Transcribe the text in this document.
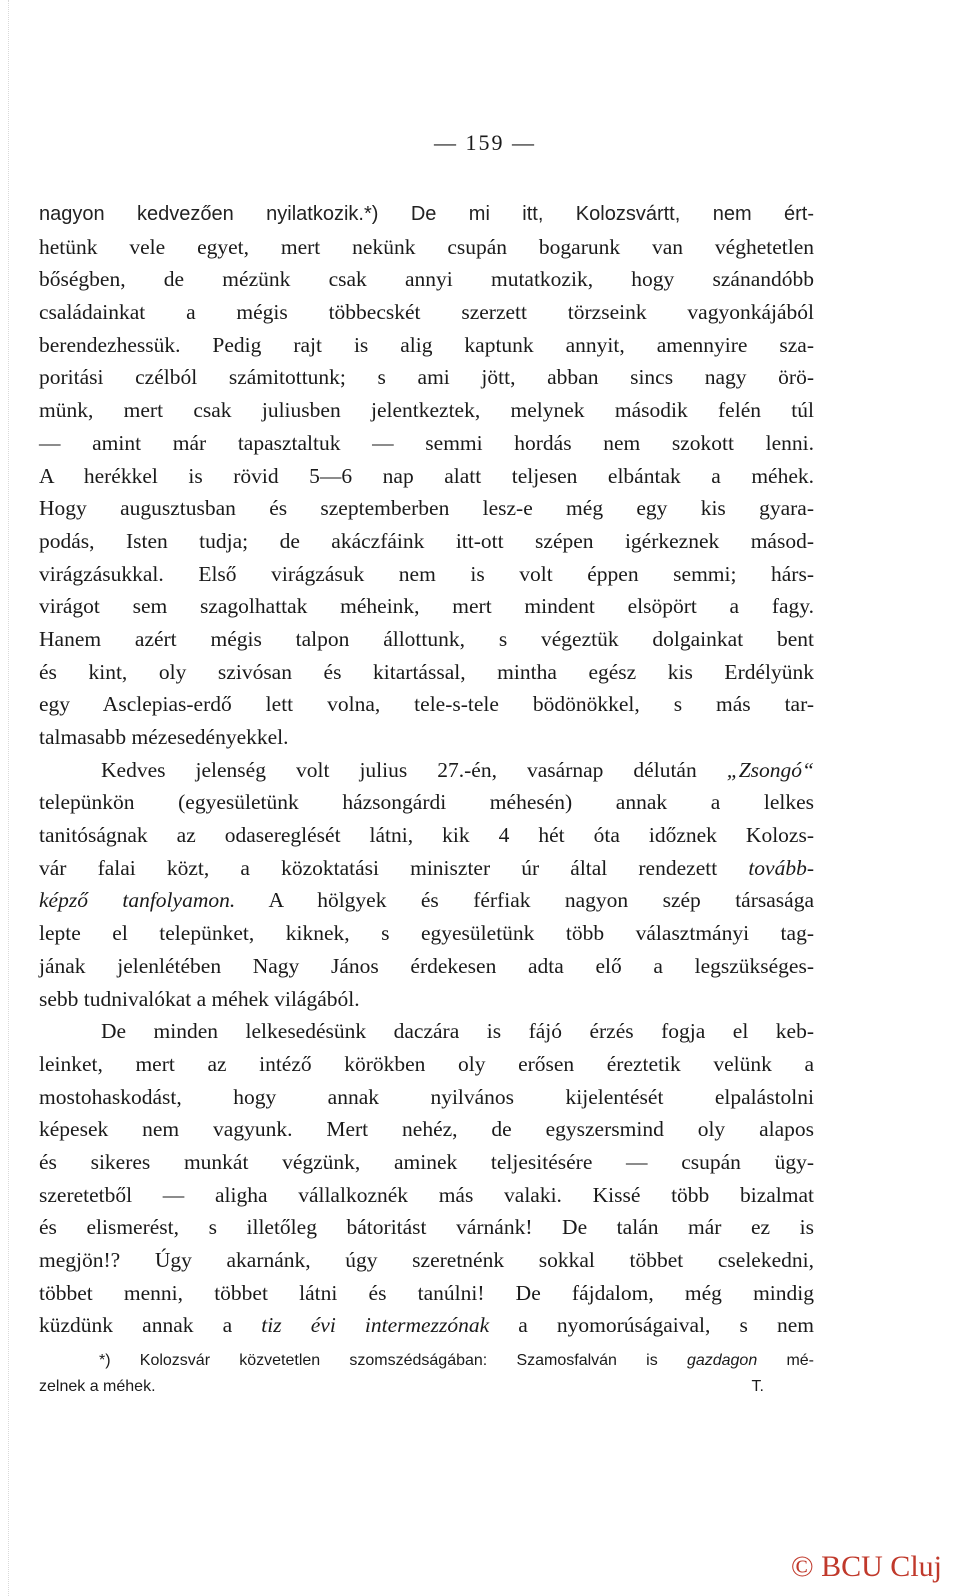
— 159 —
nagyon kedvezően nyilatkozik.*) De mi itt, Kolozsvártt, nem ért-
hetünk vele egyet, mert nekünk csupán bogarunk van véghetetlen
bőségben, de mézünk csak annyi mutatkozik, hogy szánandóbb
családainkat a mégis többecskét szerzett törzseink vagyonkájából
berendezhessük. Pedig rajt is alig kaptunk annyit, amennyire sza-
poritási czélból számitottunk; s ami jött, abban sincs nagy örö-
münk, mert csak juliusben jelentkeztek, melynek második felén túl
— amint már tapasztaltuk — semmi hordás nem szokott lenni.
A herékkel is rövid 5—6 nap alatt teljesen elbántak a méhek.
Hogy augusztusban és szeptemberben lesz-e még egy kis gyara-
podás, Isten tudja; de akáczfáink itt-ott szépen igérkeznek másod-
virágzásukkal. Első virágzásuk nem is volt éppen semmi; hárs-
virágot sem szagolhattak méheink, mert mindent elsöpört a fagy.
Hanem azért mégis talpon állottunk, s végeztük dolgainkat bent
és kint, oly szivósan és kitartással, mintha egész kis Erdélyünk
egy Asclepias-erdő lett volna, tele-s-tele bödönökkel, s más tar-
talmasabb mézesedényekkel.
Kedves jelenség volt julius 27.-én, vasárnap délután „Zsongó“
telepünkön (egyesületünk házsongárdi méhesén) annak a lelkes
tanitóságnak az odasereglését látni, kik 4 hét óta időznek Kolozs-
vár falai közt, a közoktatási miniszter úr által rendezett tovább-
képző tanfolyamon. A hölgyek és férfiak nagyon szép társasága
lepte el telepünket, kiknek, s egyesületünk több választmányi tag-
jának jelenlétében Nagy János érdekesen adta elő a legszükséges-
sebb tudnivalókat a méhek világából.
De minden lelkesedésünk daczára is fájó érzés fogja el keb-
leinket, mert az intéző körökben oly erősen éreztetik velünk a
mostohaskodást, hogy annak nyilvános kijelentését elpalástolni
képesek nem vagyunk. Mert nehéz, de egyszersmind oly alapos
és sikeres munkát végzünk, aminek teljesitésére — csupán ügy-
szeretetből — aligha vállalkoznék más valaki. Kissé több bizalmat
és elismerést, s illetőleg bátoritást várnánk! De talán már ez is
megjön!? Úgy akarnánk, úgy szeretnénk sokkal többet cselekedni,
többet menni, többet látni és tanúlni! De fájdalom, még mindig
küzdünk annak a tiz évi intermezzónak a nyomorúságaival, s nem
*) Kolozsvár közvetetlen szomszédságában: Szamosfalván is gazdagon mé-
zelnek a méhek.	T.
© BCU Cluj
